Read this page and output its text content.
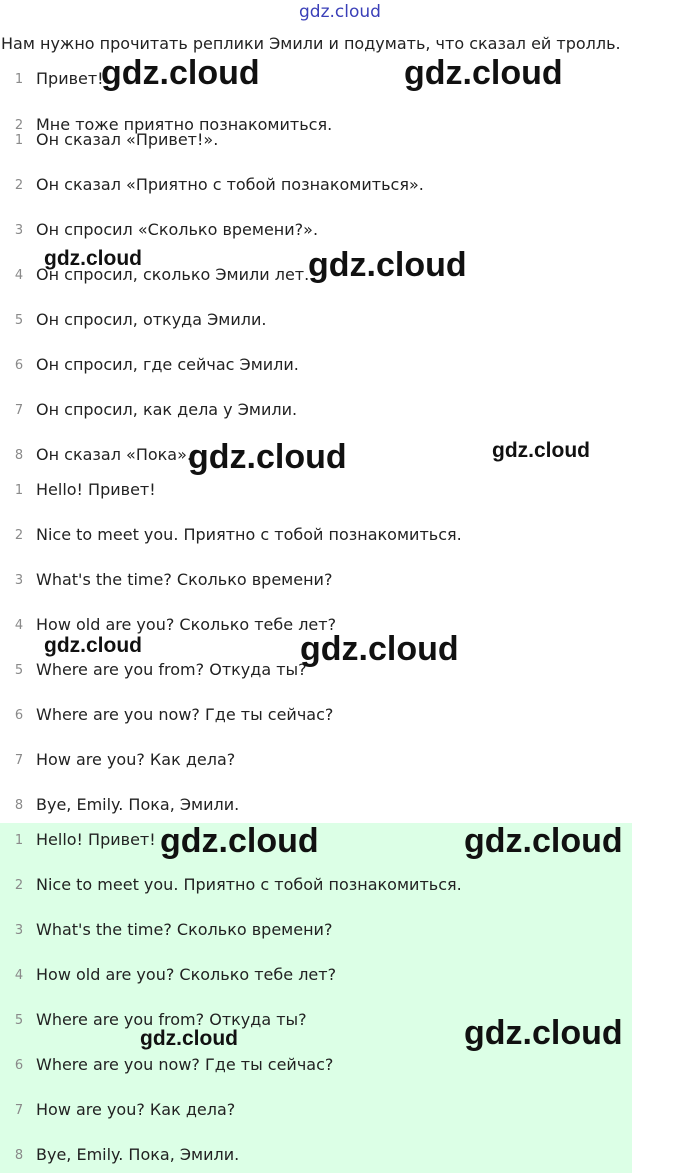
gdz.cloud
Нам нужно прочитать реплики Эмили и подумать, что сказал ей тролль.
1 Привет!
2 Мне тоже приятно познакомиться.
1 Он сказал «Привет!».
2 Он сказал «Приятно с тобой познакомиться».
3 Он спросил «Сколько времени?».
4 Он спросил, сколько Эмили лет.
5 Он спросил, откуда Эмили.
6 Он спросил, где сейчас Эмили.
7 Он спросил, как дела у Эмили.
8 Он сказал «Пока».
1 Hello! Привет!
2 Nice to meet you. Приятно с тобой познакомиться.
3 What's the time? Сколько времени?
4 How old are you? Сколько тебе лет?
5 Where are you from? Откуда ты?
6 Where are you now? Где ты сейчас?
7 How are you? Как дела?
8 Bye, Emily. Пока, Эмили.
1 Hello! Привет!
2 Nice to meet you. Приятно с тобой познакомиться.
3 What's the time? Сколько времени?
4 How old are you? Сколько тебе лет?
5 Where are you from? Откуда ты?
6 Where are you now? Где ты сейчас?
7 How are you? Как дела?
8 Bye, Emily. Пока, Эмили.
gdz.cloud	gdz.cloud
gdz.cloud	gdz.cloud
gdz.cloud	gdz.cloud
gdz.cloud	gdz.cloud
gdz.cloud	gdz.cloud
gdz.cloud	gdz.cloud
